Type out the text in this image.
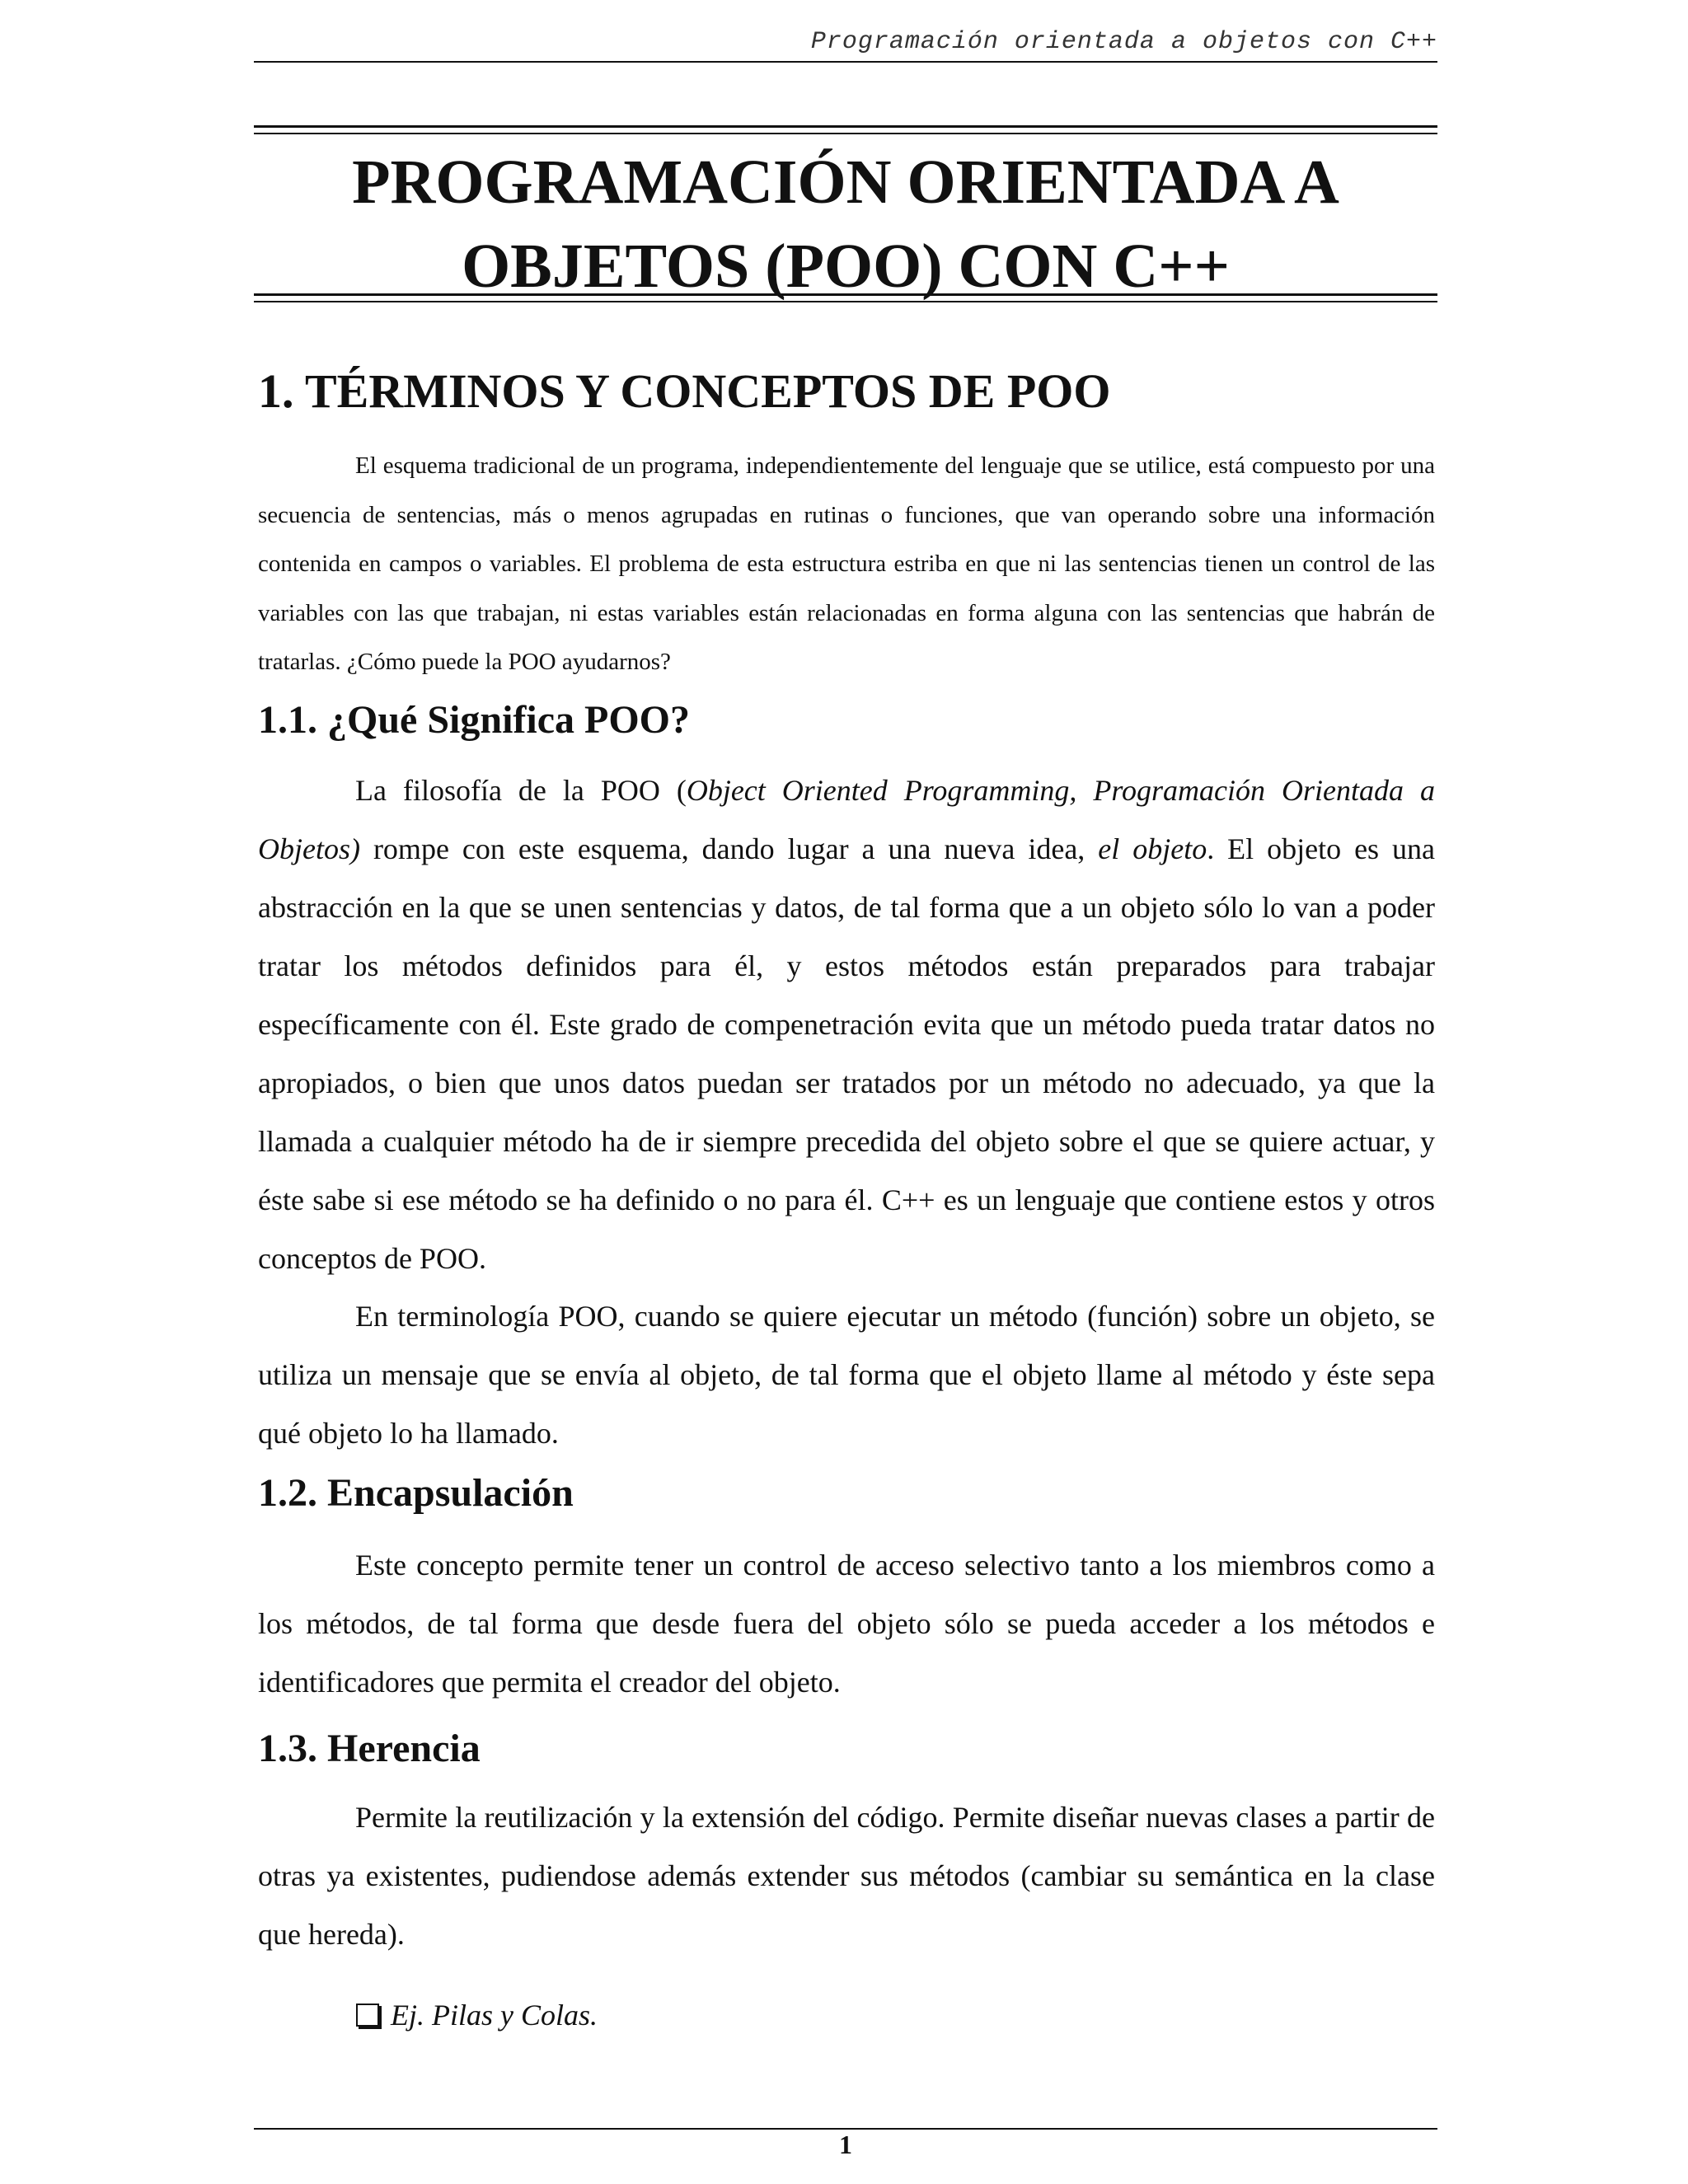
Programación orientada a objetos con C++
PROGRAMACIÓN ORIENTADA A
OBJETOS (POO) CON C++
1. TÉRMINOS Y CONCEPTOS DE POO

El esquema tradicional de un programa, independientemente del lenguaje que se utilice, está compuesto por una secuencia de sentencias, más o menos agrupadas en rutinas o funciones, que van operando sobre una información contenida en campos o variables. El problema de esta estructura estriba en que ni las sentencias tienen un control de las variables con las que trabajan, ni estas variables están relacionadas en forma alguna con las sentencias que habrán de tratarlas. ¿Cómo puede la POO ayudarnos?

1.1. ¿Qué Significa POO?

La filosofía de la POO (Object Oriented Programming, Programación Orientada a Objetos) rompe con este esquema, dando lugar a una nueva idea, el objeto. El objeto es una abstracción en la que se unen sentencias y datos, de tal forma que a un objeto sólo lo van a poder tratar los métodos definidos para él, y estos métodos están preparados para trabajar específicamente con él. Este grado de compenetración evita que un método pueda tratar datos no apropiados, o bien que unos datos puedan ser tratados por un método no adecuado, ya que la llamada a cualquier método ha de ir siempre precedida del objeto sobre el que se quiere actuar, y éste sabe si ese método se ha definido o no para él. C++ es un lenguaje que contiene estos y otros conceptos de POO.

En terminología POO, cuando se quiere ejecutar un método (función) sobre un objeto, se utiliza un mensaje que se envía al objeto, de tal forma que el objeto llame al método y éste sepa qué objeto lo ha llamado.

1.2. Encapsulación

Este concepto permite tener un control de acceso selectivo tanto a los miembros como a los métodos, de tal forma que desde fuera del objeto sólo se pueda acceder a los métodos e identificadores que permita el creador del objeto.

1.3. Herencia

Permite la reutilización y la extensión del código. Permite diseñar nuevas clases a partir de otras ya existentes, pudiendose además extender sus métodos (cambiar su semántica en la clase que hereda).

Ej. Pilas y Colas.
1
